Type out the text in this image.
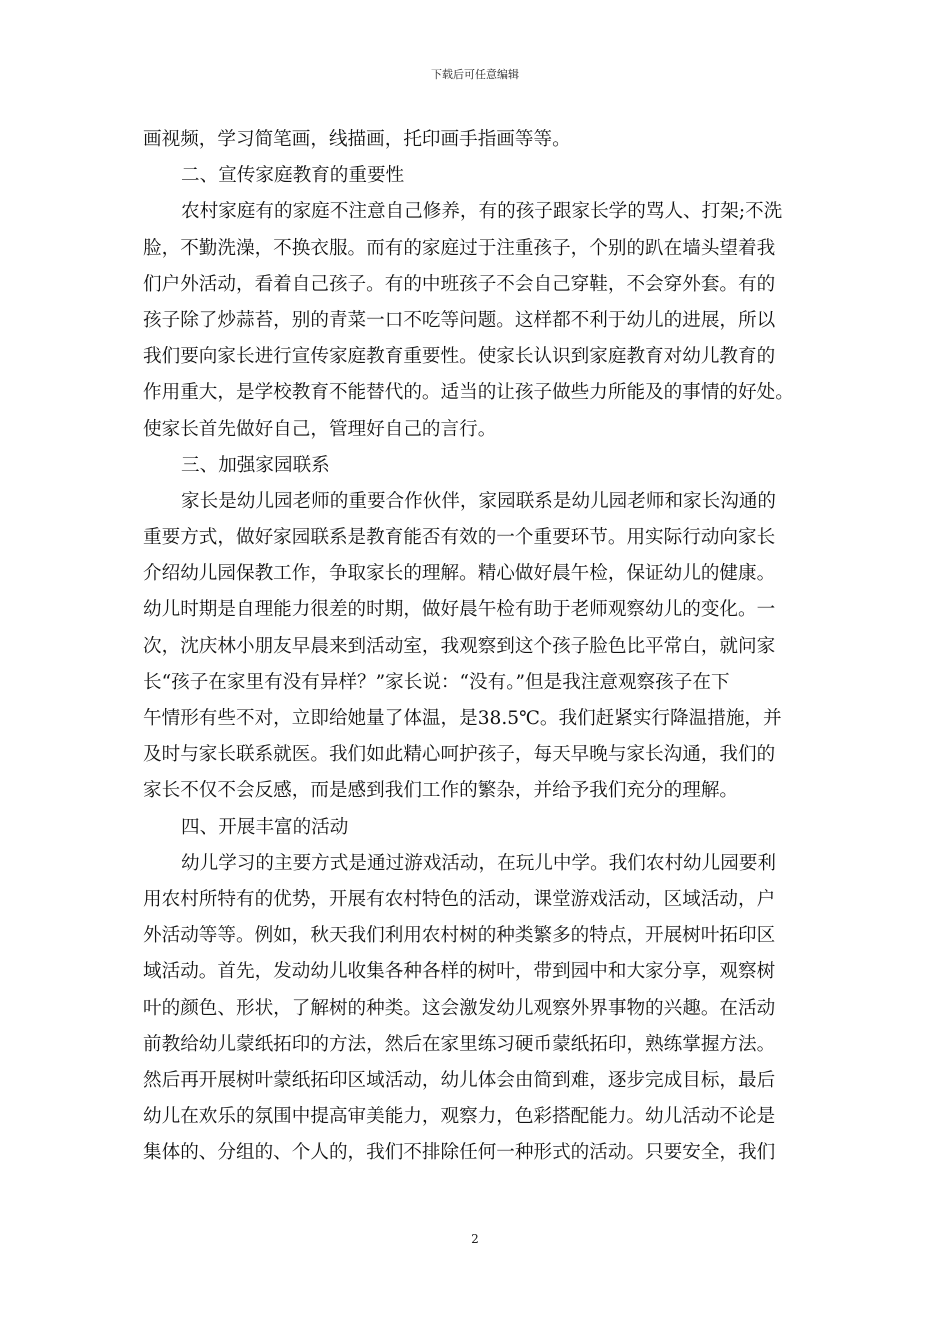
下载后可任意编辑
画视频，学习简笔画，线描画，托印画手指画等等。
二、宣传家庭教育的重要性
农村家庭有的家庭不注意自己修养，有的孩子跟家长学的骂人、打架;不洗
脸，不勤洗澡，不换衣服。而有的家庭过于注重孩子，个别的趴在墙头望着我
们户外活动，看着自己孩子。有的中班孩子不会自己穿鞋，不会穿外套。有的
孩子除了炒蒜苔，别的青菜一口不吃等问题。这样都不利于幼儿的进展，所以
我们要向家长进行宣传家庭教育重要性。使家长认识到家庭教育对幼儿教育的
作用重大，是学校教育不能替代的。适当的让孩子做些力所能及的事情的好处。
使家长首先做好自己，管理好自己的言行。
三、加强家园联系
家长是幼儿园老师的重要合作伙伴，家园联系是幼儿园老师和家长沟通的
重要方式，做好家园联系是教育能否有效的一个重要环节。用实际行动向家长
介绍幼儿园保教工作，争取家长的理解。精心做好晨午检，保证幼儿的健康。
幼儿时期是自理能力很差的时期，做好晨午检有助于老师观察幼儿的变化。一
次，沈庆林小朋友早晨来到活动室，我观察到这个孩子脸色比平常白，就问家
长“孩子在家里有没有异样？”家长说：“没有。”但是我注意观察孩子在下
午情形有些不对，立即给她量了体温，是38.5℃。我们赶紧实行降温措施，并
及时与家长联系就医。我们如此精心呵护孩子，每天早晚与家长沟通，我们的
家长不仅不会反感，而是感到我们工作的繁杂，并给予我们充分的理解。
四、开展丰富的活动
幼儿学习的主要方式是通过游戏活动，在玩儿中学。我们农村幼儿园要利
用农村所特有的优势，开展有农村特色的活动，课堂游戏活动，区域活动，户
外活动等等。例如，秋天我们利用农村树的种类繁多的特点，开展树叶拓印区
域活动。首先，发动幼儿收集各种各样的树叶，带到园中和大家分享，观察树
叶的颜色、形状，了解树的种类。这会激发幼儿观察外界事物的兴趣。在活动
前教给幼儿蒙纸拓印的方法，然后在家里练习硬币蒙纸拓印，熟练掌握方法。
然后再开展树叶蒙纸拓印区域活动，幼儿体会由简到难，逐步完成目标，最后
幼儿在欢乐的氛围中提高审美能力，观察力，色彩搭配能力。幼儿活动不论是
集体的、分组的、个人的，我们不排除任何一种形式的活动。只要安全，我们
2
